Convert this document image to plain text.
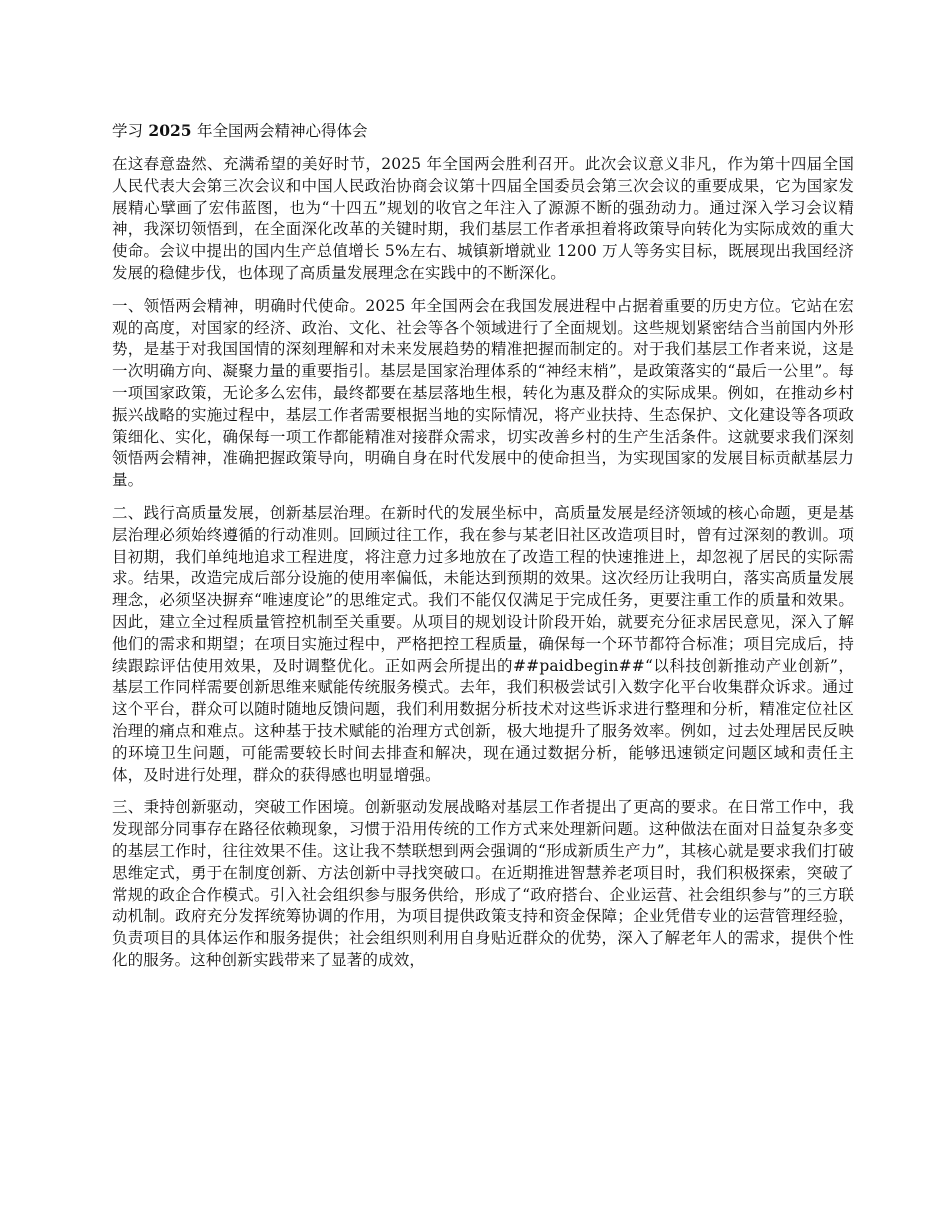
学习 2025 年全国两会精神心得体会

在这春意盎然、充满希望的美好时节，2025 年全国两会胜利召开。此次会议意义非凡，作为第十四届全国人民代表大会第三次会议和中国人民政治协商会议第十四届全国委员会第三次会议的重要成果，它为国家发展精心擘画了宏伟蓝图，也为“十四五”规划的收官之年注入了源源不断的强劲动力。通过深入学习会议精神，我深切领悟到，在全面深化改革的关键时期，我们基层工作者承担着将政策导向转化为实际成效的重大使命。会议中提出的国内生产总值增长 5%左右、城镇新增就业 1200 万人等务实目标，既展现出我国经济发展的稳健步伐，也体现了高质量发展理念在实践中的不断深化。

一、领悟两会精神，明确时代使命。2025 年全国两会在我国发展进程中占据着重要的历史方位。它站在宏观的高度，对国家的经济、政治、文化、社会等各个领域进行了全面规划。这些规划紧密结合当前国内外形势，是基于对我国国情的深刻理解和对未来发展趋势的精准把握而制定的。对于我们基层工作者来说，这是一次明确方向、凝聚力量的重要指引。基层是国家治理体系的“神经末梢”，是政策落实的“最后一公里”。每一项国家政策，无论多么宏伟，最终都要在基层落地生根，转化为惠及群众的实际成果。例如，在推动乡村振兴战略的实施过程中，基层工作者需要根据当地的实际情况，将产业扶持、生态保护、文化建设等各项政策细化、实化，确保每一项工作都能精准对接群众需求，切实改善乡村的生产生活条件。这就要求我们深刻领悟两会精神，准确把握政策导向，明确自身在时代发展中的使命担当，为实现国家的发展目标贡献基层力量。

二、践行高质量发展，创新基层治理。在新时代的发展坐标中，高质量发展是经济领域的核心命题，更是基层治理必须始终遵循的行动准则。回顾过往工作，我在参与某老旧社区改造项目时，曾有过深刻的教训。项目初期，我们单纯地追求工程进度，将注意力过多地放在了改造工程的快速推进上，却忽视了居民的实际需求。结果，改造完成后部分设施的使用率偏低，未能达到预期的效果。这次经历让我明白，落实高质量发展理念，必须坚决摒弃“唯速度论”的思维定式。我们不能仅仅满足于完成任务，更要注重工作的质量和效果。因此，建立全过程质量管控机制至关重要。从项目的规划设计阶段开始，就要充分征求居民意见，深入了解他们的需求和期望；在项目实施过程中，严格把控工程质量，确保每一个环节都符合标准；项目完成后，持续跟踪评估使用效果，及时调整优化。正如两会所提出的##paidbegin##“以科技创新推动产业创新”，基层工作同样需要创新思维来赋能传统服务模式。去年，我们积极尝试引入数字化平台收集群众诉求。通过这个平台，群众可以随时随地反馈问题，我们利用数据分析技术对这些诉求进行整理和分析，精准定位社区治理的痛点和难点。这种基于技术赋能的治理方式创新，极大地提升了服务效率。例如，过去处理居民反映的环境卫生问题，可能需要较长时间去排查和解决，现在通过数据分析，能够迅速锁定问题区域和责任主体，及时进行处理，群众的获得感也明显增强。

三、秉持创新驱动，突破工作困境。创新驱动发展战略对基层工作者提出了更高的要求。在日常工作中，我发现部分同事存在路径依赖现象，习惯于沿用传统的工作方式来处理新问题。这种做法在面对日益复杂多变的基层工作时，往往效果不佳。这让我不禁联想到两会强调的“形成新质生产力”，其核心就是要求我们打破思维定式，勇于在制度创新、方法创新中寻找突破口。在近期推进智慧养老项目时，我们积极探索，突破了常规的政企合作模式。引入社会组织参与服务供给，形成了“政府搭台、企业运营、社会组织参与”的三方联动机制。政府充分发挥统筹协调的作用，为项目提供政策支持和资金保障；企业凭借专业的运营管理经验，负责项目的具体运作和服务提供；社会组织则利用自身贴近群众的优势，深入了解老年人的需求，提供个性化的服务。这种创新实践带来了显著的成效，
